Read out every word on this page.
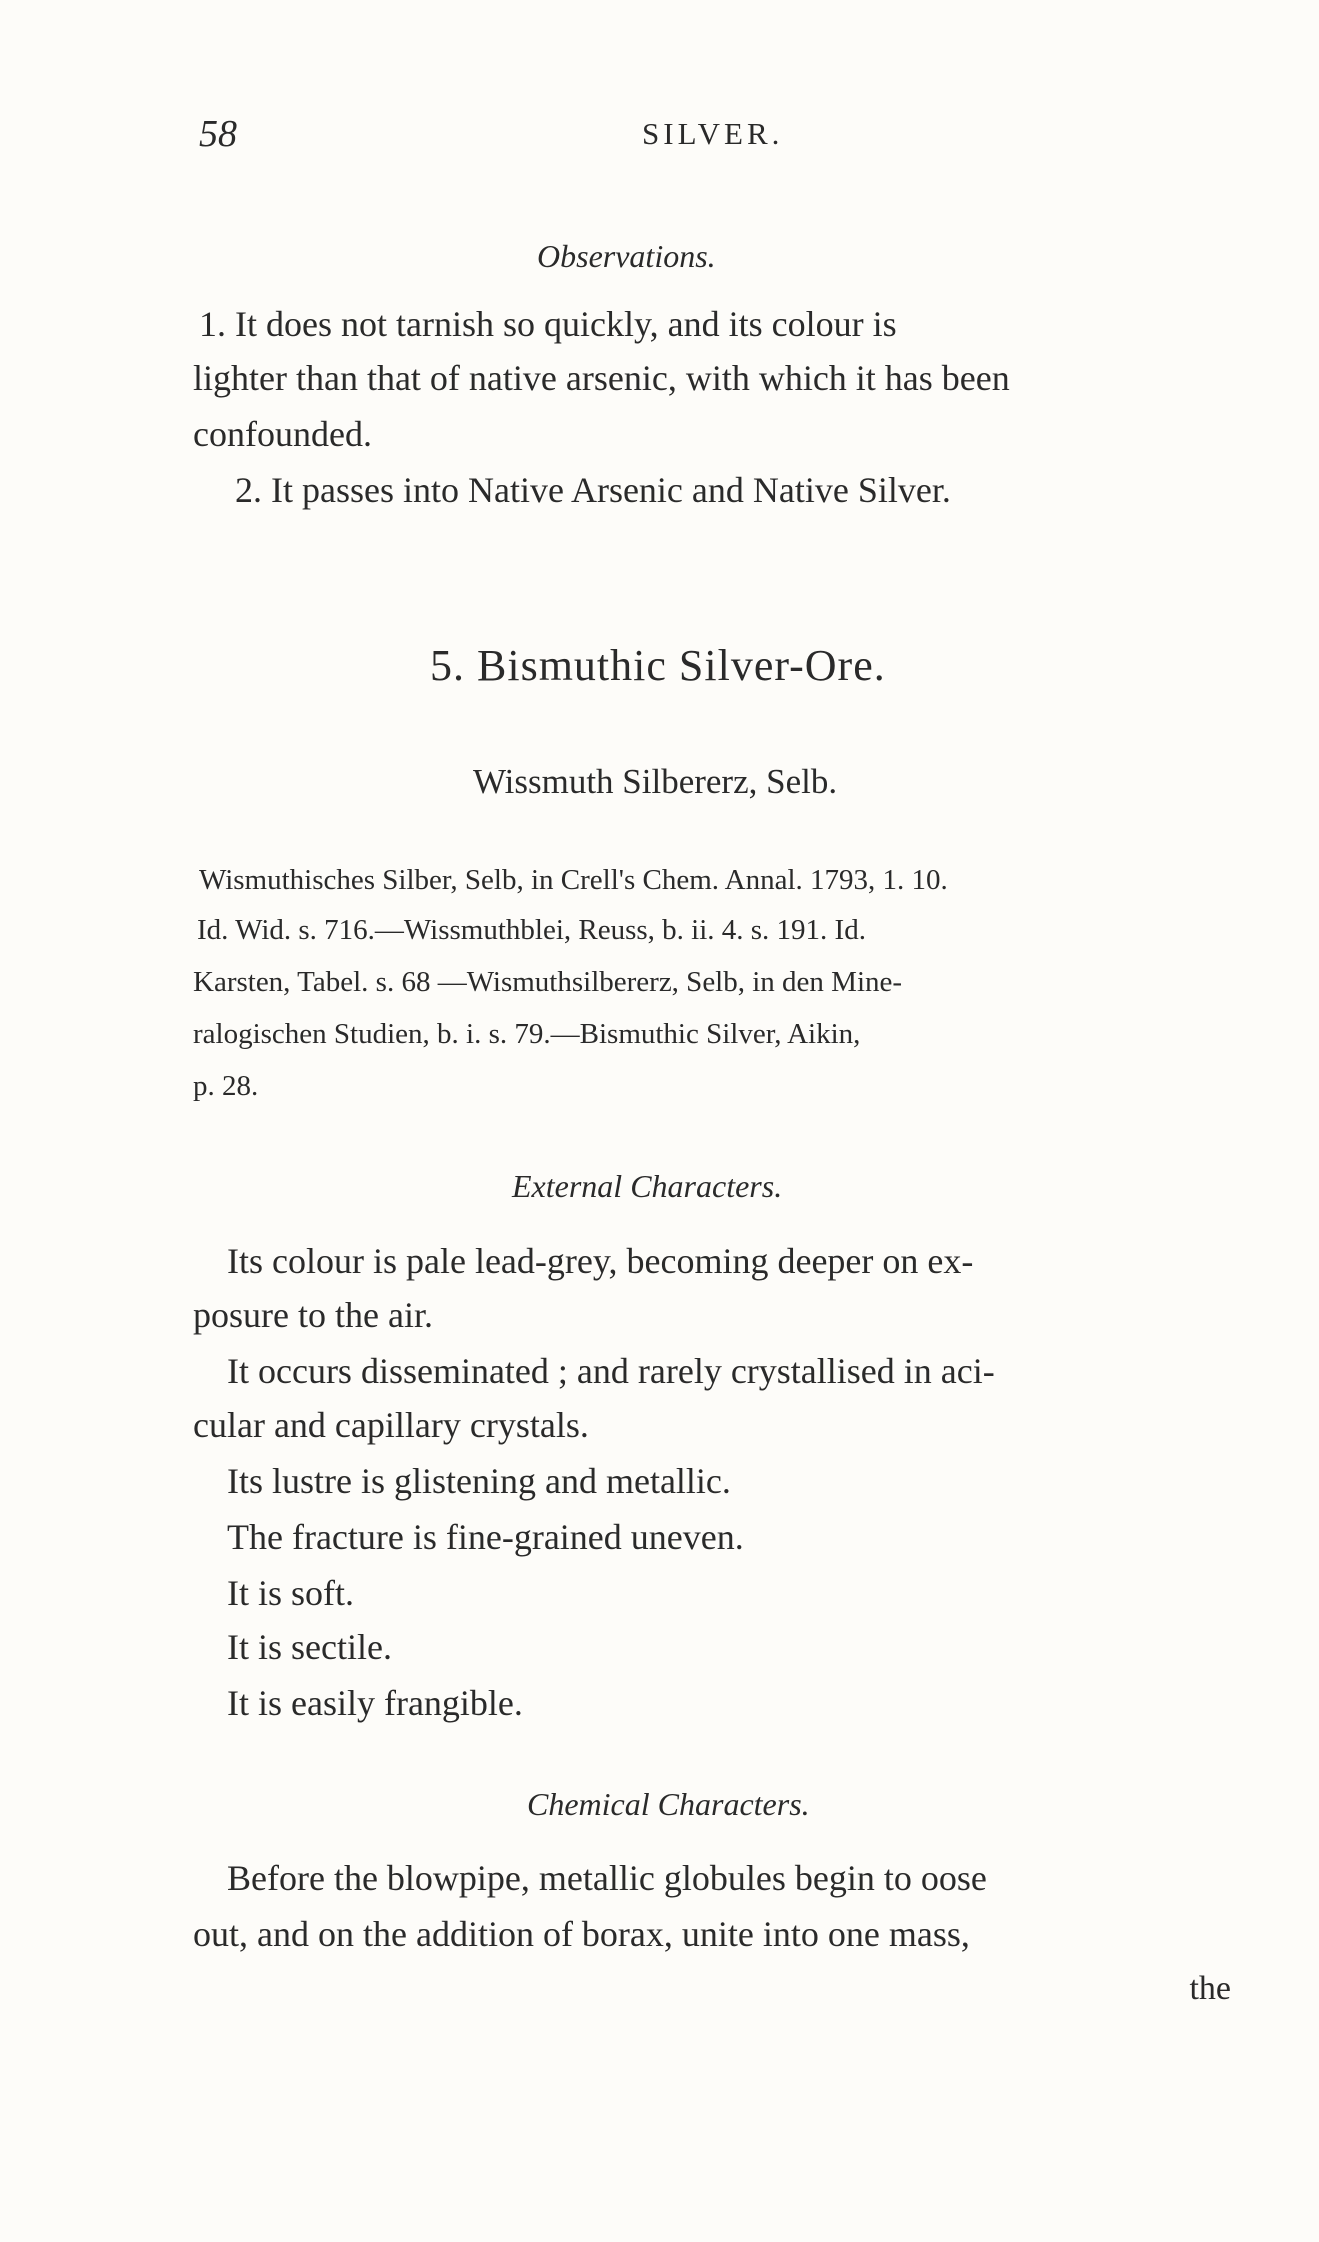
58	SILVER.
Observations.
1. It does not tarnish so quickly, and its colour is
lighter than that of native arsenic, with which it has been
confounded.
2. It passes into Native Arsenic and Native Silver.
5. Bismuthic Silver-Ore.
Wissmuth Silbererz, Selb.
Wismuthisches Silber, Selb, in Crell's Chem. Annal. 1793, 1. 10.
Id. Wid. s. 716.—Wissmuthblei, Reuss, b. ii. 4. s. 191. Id.
Karsten, Tabel. s. 68 —Wismuthsilbererz, Selb, in den Mine-
ralogischen Studien, b. i. s. 79.—Bismuthic Silver, Aikin,
p. 28.
External Characters.
Its colour is pale lead-grey, becoming deeper on ex-
posure to the air.
It occurs disseminated ; and rarely crystallised in aci-
cular and capillary crystals.
Its lustre is glistening and metallic.
The fracture is fine-grained uneven.
It is soft.
It is sectile.
It is easily frangible.
Chemical Characters.
Before the blowpipe, metallic globules begin to oose
out, and on the addition of borax, unite into one mass,
the
